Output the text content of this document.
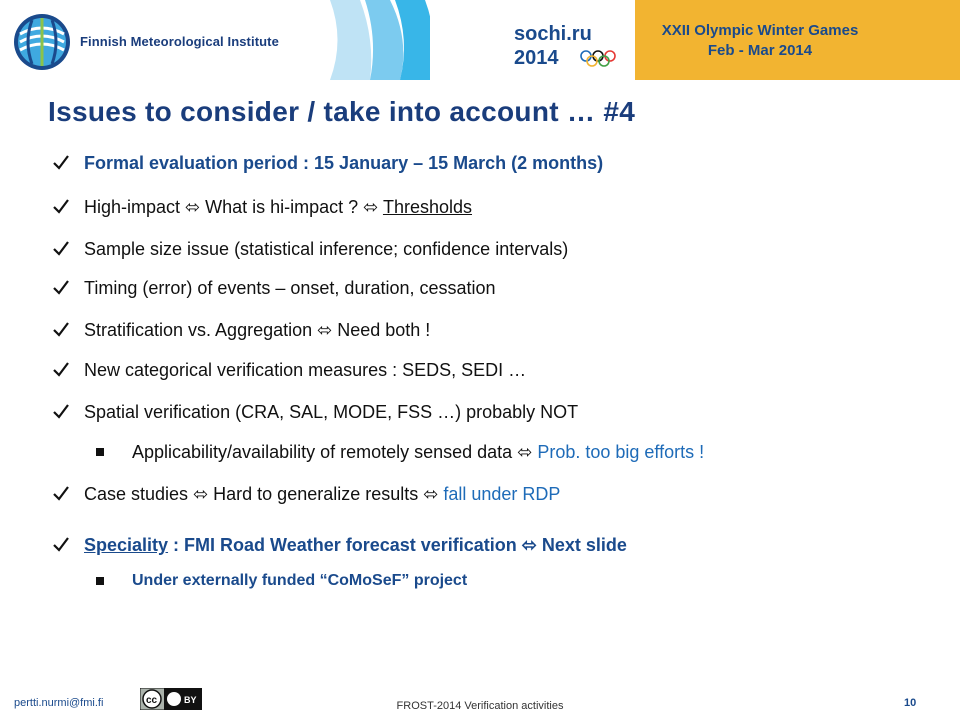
Finnish Meteorological Institute	sochi.ru
2014
XXII Olympic Winter Games
Feb - Mar 2014
Issues to consider / take into account … #4
Formal evaluation period : 15 January – 15 March (2 months)
High-impact ⬄ What is hi-impact ? ⬄ Thresholds
Sample size issue (statistical inference; confidence intervals)
Timing (error) of events – onset, duration, cessation
Stratification vs. Aggregation ⬄ Need both !
New categorical verification measures : SEDS, SEDI …
Spatial verification (CRA, SAL, MODE, FSS …) probably NOT
Applicability/availability of remotely sensed data ⬄ Prob. too big efforts !
Case studies ⬄ Hard to generalize results ⬄ fall under RDP
Speciality : FMI Road Weather forecast verification ⬄ Next slide
Under externally funded “CoMoSeF” project
pertti.nurmi@fmi.fi	cc	BY	FROST-2014 Verification activities	10
